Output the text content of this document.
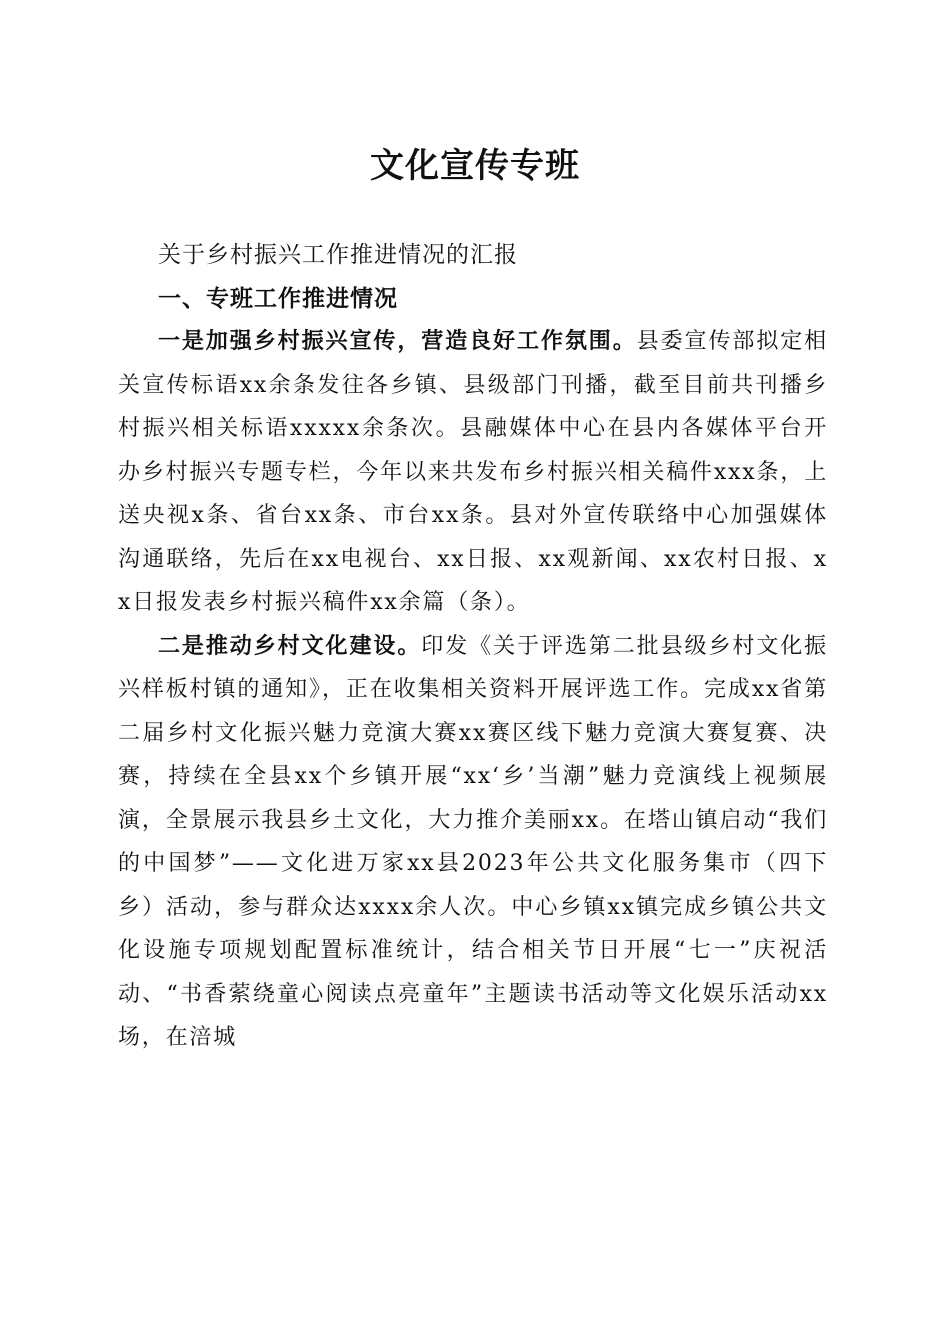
文化宣传专班
关于乡村振兴工作推进情况的汇报
一、专班工作推进情况

一是加强乡村振兴宣传，营造良好工作氛围。县委宣传部拟定相关宣传标语xx余条发往各乡镇、县级部门刊播，截至目前共刊播乡村振兴相关标语xxxxx余条次。县融媒体中心在县内各媒体平台开办乡村振兴专题专栏，今年以来共发布乡村振兴相关稿件xxx条，上送央视x条、省台xx条、市台xx条。县对外宣传联络中心加强媒体沟通联络，先后在xx电视台、xx日报、xx观新闻、xx农村日报、xx日报发表乡村振兴稿件xx余篇（条）。

二是推动乡村文化建设。印发《关于评选第二批县级乡村文化振兴样板村镇的通知》，正在收集相关资料开展评选工作。完成xx省第二届乡村文化振兴魅力竞演大赛xx赛区线下魅力竞演大赛复赛、决赛，持续在全县xx个乡镇开展“xx‘乡’当潮”魅力竞演线上视频展演，全景展示我县乡土文化，大力推介美丽xx。在塔山镇启动“我们的中国梦”——文化进万家xx县2023年公共文化服务集市（四下乡）活动，参与群众达xxxx余人次。中心乡镇xx镇完成乡镇公共文化设施专项规划配置标准统计，结合相关节日开展“七一”庆祝活动、“书香萦绕童心阅读点亮童年”主题读书活动等文化娱乐活动xx场，在涪城
